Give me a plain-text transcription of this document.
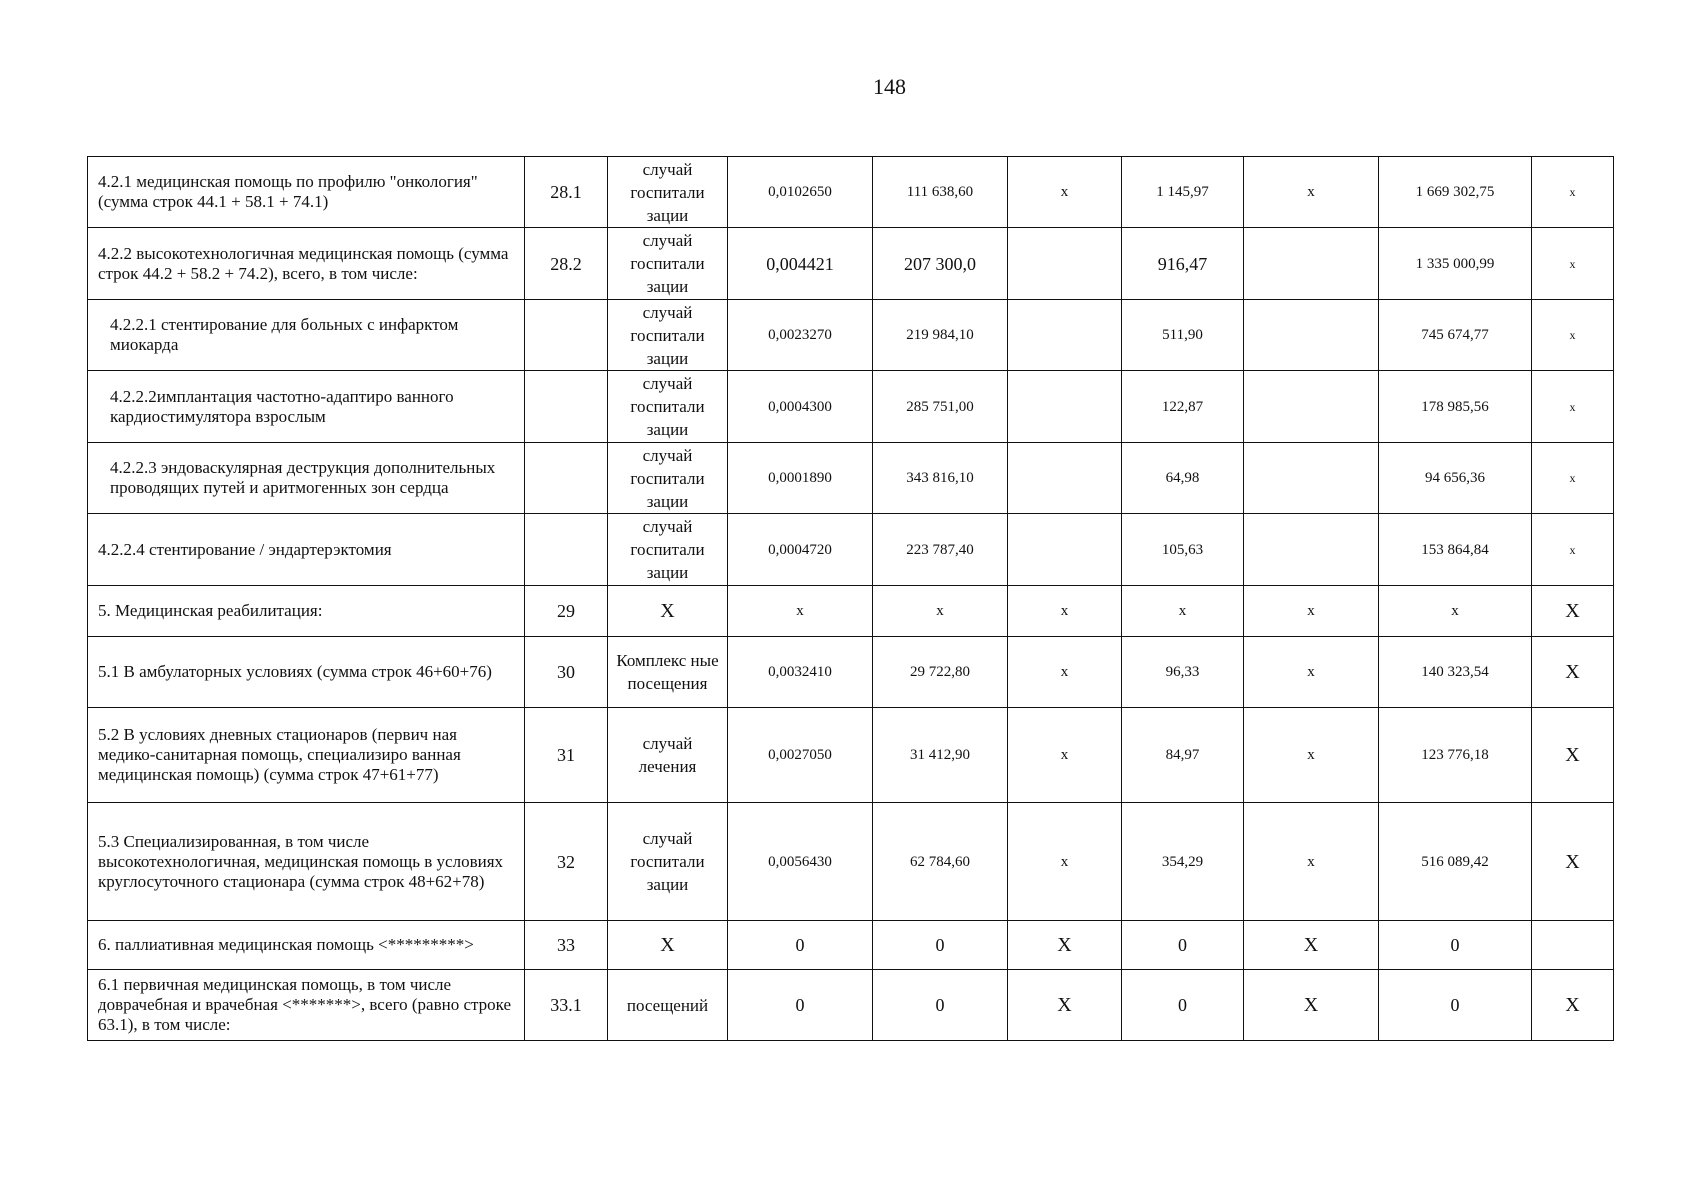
148
4.2.1 медицинская помощь по профилю "онкология" (сумма строк 44.1 + 58.1 + 74.1)	28.1	случай госпитали зации	0,0102650	111 638,60	x	1 145,97	x	1 669 302,75	x
4.2.2 высокотехнологичная медицинская помощь (сумма строк 44.2 + 58.2 + 74.2), всего, в том числе:	28.2	случай госпитали зации	0,004421	207 300,0		916,47		1 335 000,99	x
4.2.2.1 стентирование для больных с инфарктом миокарда		случай госпитали зации	0,0023270	219 984,10		511,90		745 674,77	x
4.2.2.2имплантация частотно-адаптиро ванного кардиостимулятора взрослым		случай госпитали зации	0,0004300	285 751,00		122,87		178 985,56	x
4.2.2.3 эндоваскулярная деструкция дополнительных проводящих путей и аритмогенных зон сердца		случай госпитали зации	0,0001890	343 816,10		64,98		94 656,36	x
4.2.2.4 стентирование / эндартерэктомия		случай госпитали зации	0,0004720	223 787,40		105,63		153 864,84	x
5. Медицинская реабилитация:	29	X	x	x	x	x	x	x	X
5.1 В амбулаторных условиях (сумма строк 46+60+76)	30	Комплекс ные посещения	0,0032410	29 722,80	x	96,33	x	140 323,54	X
5.2 В условиях дневных стационаров (первич ная медико-санитарная помощь, специализиро ванная медицинская помощь) (сумма строк 47+61+77)	31	случай лечения	0,0027050	31 412,90	x	84,97	x	123 776,18	X
5.3 Специализированная, в том числе высокотехнологичная, медицинская помощь в условиях круглосуточного стационара (сумма строк 48+62+78)	32	случай госпитали зации	0,0056430	62 784,60	x	354,29	x	516 089,42	X
6. паллиативная медицинская помощь <*********>	33	X	0	0	X	0	X	0	
6.1 первичная медицинская помощь, в том числе доврачебная и врачебная <*******>, всего (равно строке 63.1), в том числе:	33.1	посещений	0	0	X	0	X	0	X
